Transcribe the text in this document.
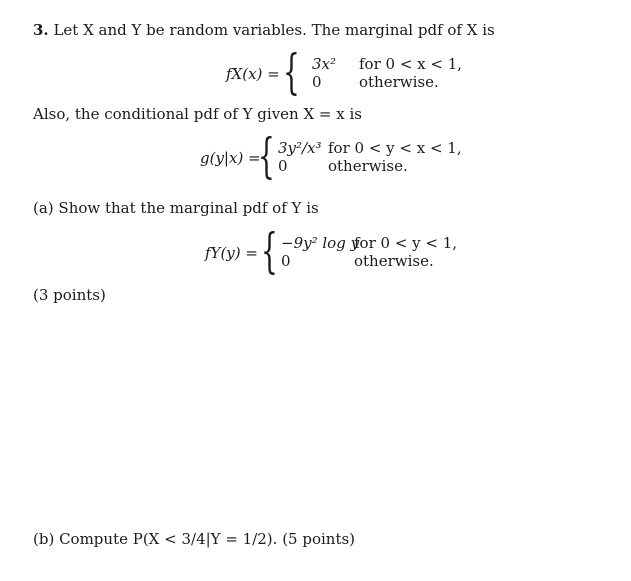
3. Let X and Y be random variables. The marginal pdf of X is
fX(x) = { 3x² for 0 < x < 1,
0 otherwise.
Also, the conditional pdf of Y given X = x is
g(y|x) =
{ 3y²/x³ for 0 < y < x < 1,
0	otherwise.
(a) Show that the marginal pdf of Y is
fY(y) = { −9y² log y
for 0 < y < 1,
0	otherwise.
(3 points)
(b) Compute P(X < 3/4|Y = 1/2). (5 points)
